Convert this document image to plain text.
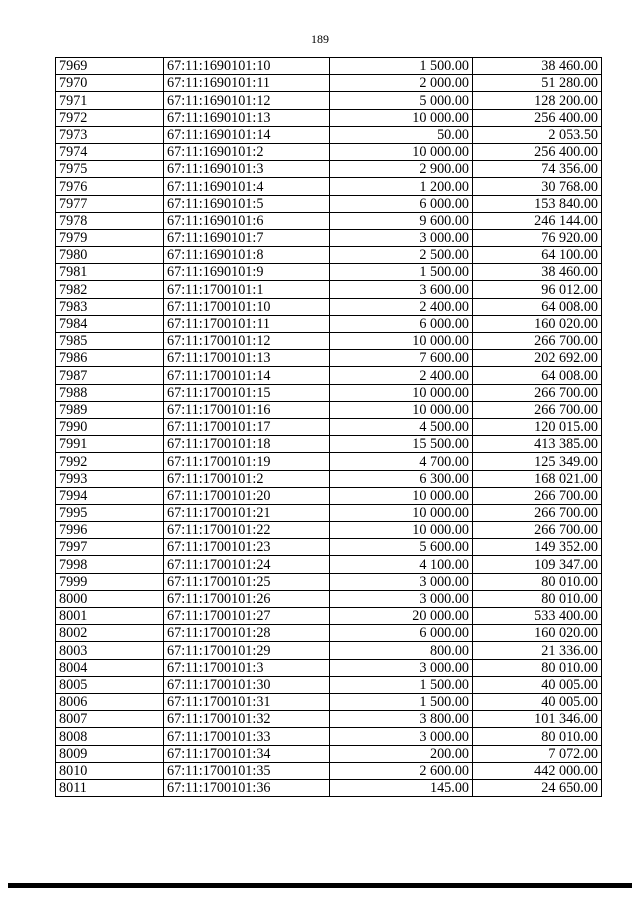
189
7969	67:11:1690101:10	1 500.00	38 460.00
7970	67:11:1690101:11	2 000.00	51 280.00
7971	67:11:1690101:12	5 000.00	128 200.00
7972	67:11:1690101:13	10 000.00	256 400.00
7973	67:11:1690101:14	50.00	2 053.50
7974	67:11:1690101:2	10 000.00	256 400.00
7975	67:11:1690101:3	2 900.00	74 356.00
7976	67:11:1690101:4	1 200.00	30 768.00
7977	67:11:1690101:5	6 000.00	153 840.00
7978	67:11:1690101:6	9 600.00	246 144.00
7979	67:11:1690101:7	3 000.00	76 920.00
7980	67:11:1690101:8	2 500.00	64 100.00
7981	67:11:1690101:9	1 500.00	38 460.00
7982	67:11:1700101:1	3 600.00	96 012.00
7983	67:11:1700101:10	2 400.00	64 008.00
7984	67:11:1700101:11	6 000.00	160 020.00
7985	67:11:1700101:12	10 000.00	266 700.00
7986	67:11:1700101:13	7 600.00	202 692.00
7987	67:11:1700101:14	2 400.00	64 008.00
7988	67:11:1700101:15	10 000.00	266 700.00
7989	67:11:1700101:16	10 000.00	266 700.00
7990	67:11:1700101:17	4 500.00	120 015.00
7991	67:11:1700101:18	15 500.00	413 385.00
7992	67:11:1700101:19	4 700.00	125 349.00
7993	67:11:1700101:2	6 300.00	168 021.00
7994	67:11:1700101:20	10 000.00	266 700.00
7995	67:11:1700101:21	10 000.00	266 700.00
7996	67:11:1700101:22	10 000.00	266 700.00
7997	67:11:1700101:23	5 600.00	149 352.00
7998	67:11:1700101:24	4 100.00	109 347.00
7999	67:11:1700101:25	3 000.00	80 010.00
8000	67:11:1700101:26	3 000.00	80 010.00
8001	67:11:1700101:27	20 000.00	533 400.00
8002	67:11:1700101:28	6 000.00	160 020.00
8003	67:11:1700101:29	800.00	21 336.00
8004	67:11:1700101:3	3 000.00	80 010.00
8005	67:11:1700101:30	1 500.00	40 005.00
8006	67:11:1700101:31	1 500.00	40 005.00
8007	67:11:1700101:32	3 800.00	101 346.00
8008	67:11:1700101:33	3 000.00	80 010.00
8009	67:11:1700101:34	200.00	7 072.00
8010	67:11:1700101:35	2 600.00	442 000.00
8011	67:11:1700101:36	145.00	24 650.00
